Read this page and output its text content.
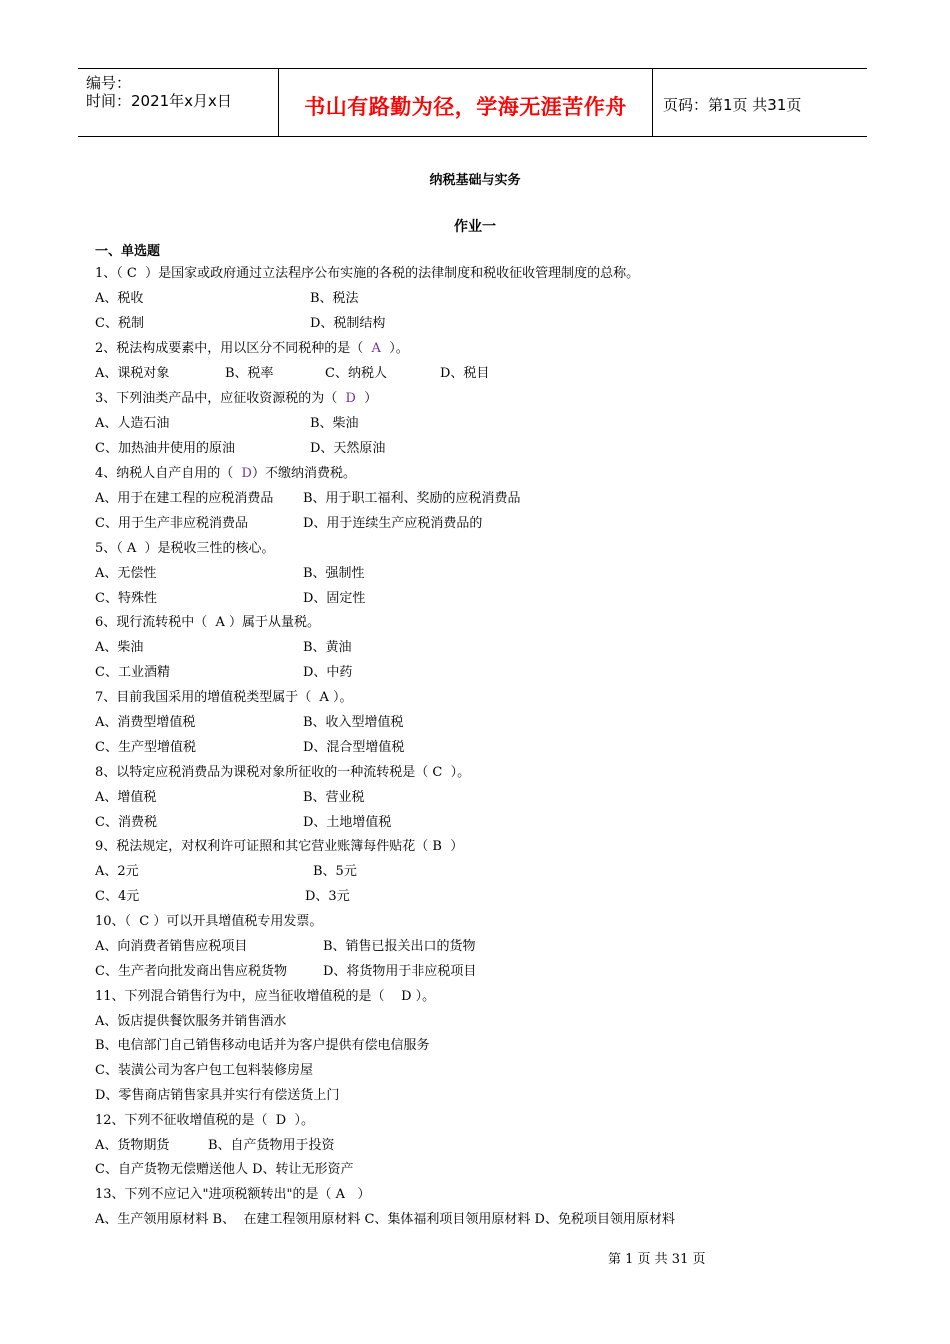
编号：
时间：2021年x月x日	书山有路勤为径，学海无涯苦作舟	页码：第1页 共31页
纳税基础与实务
作业一
一、单选题
1、（ C  ）是国家或政府通过立法程序公布实施的各税的法律制度和税收征收管理制度的总称。
A、税收	B、税法
C、税制	D、税制结构
2、税法构成要素中，用以区分不同税种的是（  A  ）。
A、课税对象	B、税率	C、纳税人	D、税目
3、下列油类产品中，应征收资源税的为（  D  ）
A、人造石油	B、柴油
C、加热油井使用的原油	D、天然原油
4、纳税人自产自用的（  D）不缴纳消费税。
A、用于在建工程的应税消费品 B、用于职工福利、奖励的应税消费品
C、用于生产非应税消费品	D、用于连续生产应税消费品的
5、（ A  ）是税收三性的核心。
A、无偿性	B、强制性
C、特殊性	D、固定性
6、现行流转税中（  A ）属于从量税。
A、柴油	B、黄油
C、工业酒精	D、中药
7、目前我国采用的增值税类型属于（  A ）。
A、消费型增值税	B、收入型增值税
C、生产型增值税	D、混合型增值税
8、以特定应税消费品为课税对象所征收的一种流转税是（ C  ）。
A、增值税	B、营业税
C、消费税	D、土地增值税
9、税法规定，对权利许可证照和其它营业账簿每件贴花（ B  ）
A、2元	B、5元
C、4元	D、3元
10、（  C ）可以开具增值税专用发票。
A、向消费者销售应税项目	B、销售已报关出口的货物
C、生产者向批发商出售应税货物	D、将货物用于非应税项目
11、下列混合销售行为中，应当征收增值税的是（    D ）。
A、饭店提供餐饮服务并销售酒水
B、电信部门自己销售移动电话并为客户提供有偿电信服务
C、装潢公司为客户包工包料装修房屋
D、零售商店销售家具并实行有偿送货上门
12、下列不征收增值税的是（  D  ）。
A、货物期货	B、自产货物用于投资
C、自产货物无偿赠送他人 D、转让无形资产
13、下列不应记入"进项税额转出"的是（ A   ）
A、生产领用原材料 B、  在建工程领用原材料 C、集体福利项目领用原材料 D、免税项目领用原材料
第 1 页 共 31 页
